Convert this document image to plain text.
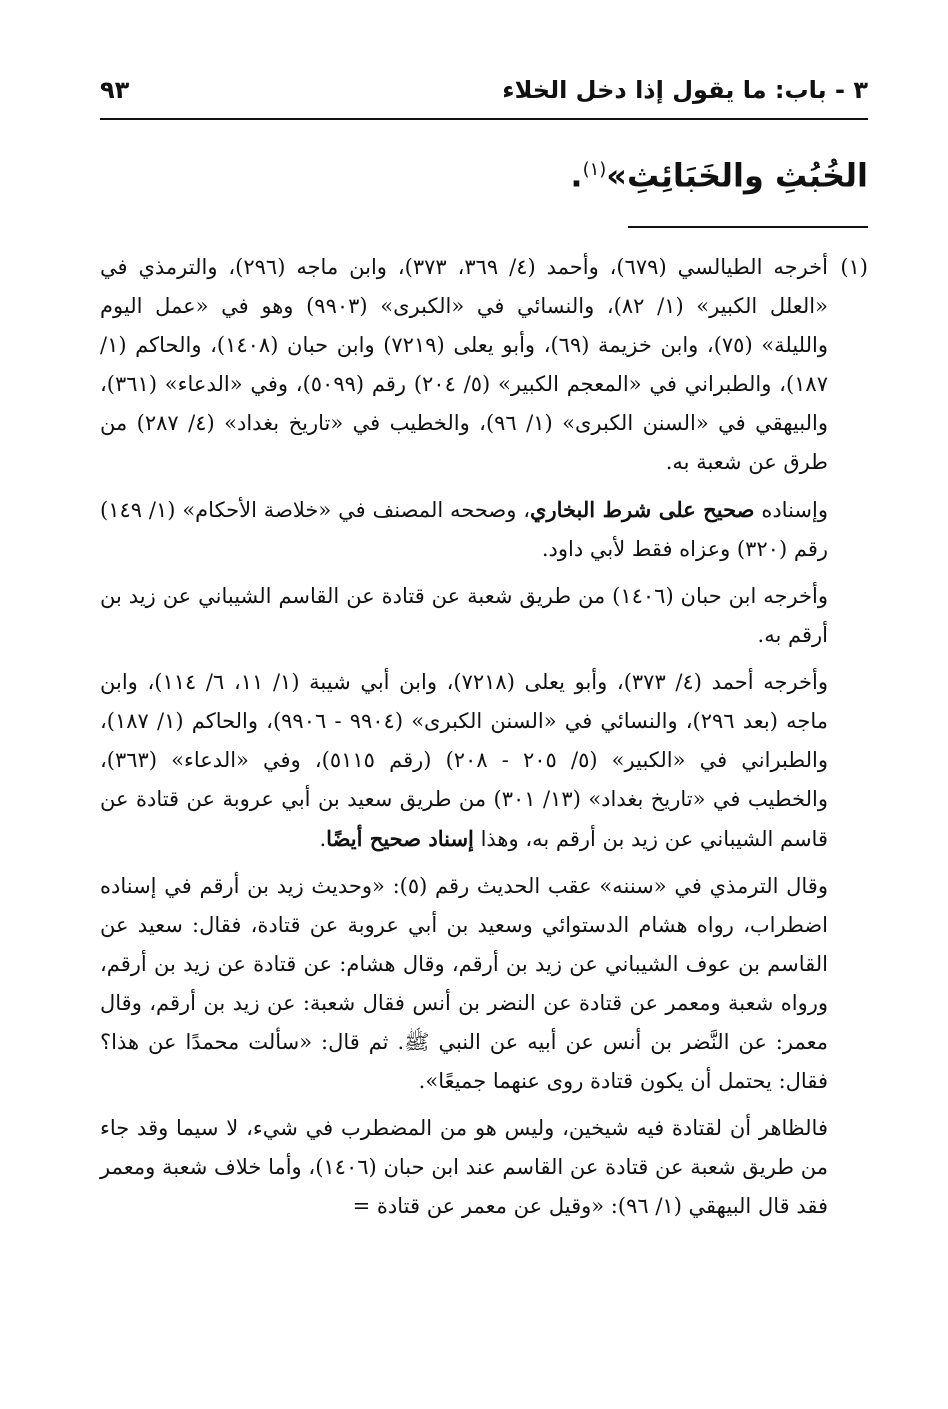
٣ - باب: ما يقول إذا دخل الخلاء
٩٣
الخُبُثِ والخَبَائِثِ»$^{(١)}$.
(١)

أخرجه الطيالسي (٦٧٩)، وأحمد (٤/ ٣٦٩، ٣٧٣)، وابن ماجه (٢٩٦)، والترمذي في «العلل الكبير» (١/ ٨٢)، والنسائي في «الكبرى» (٩٩٠٣) وهو في «عمل اليوم والليلة» (٧٥)، وابن خزيمة (٦٩)، وأبو يعلى (٧٢١٩) وابن حبان (١٤٠٨)، والحاكم (١/ ١٨٧)، والطبراني في «المعجم الكبير» (٥/ ٢٠٤) رقم (٥٠٩٩)، وفي «الدعاء» (٣٦١)، والبيهقي في «السنن الكبرى» (١/ ٩٦)، والخطيب في «تاريخ بغداد» (٤/ ٢٨٧) من طرق عن شعبة به.

وإسناده صحيح على شرط البخاري، وصححه المصنف في «خلاصة الأحكام» (١/ ١٤٩) رقم (٣٢٠) وعزاه فقط لأبي داود.

وأخرجه ابن حبان (١٤٠٦) من طريق شعبة عن قتادة عن القاسم الشيباني عن زيد بن أرقم به.

وأخرجه أحمد (٤/ ٣٧٣)، وأبو يعلى (٧٢١٨)، وابن أبي شيبة (١/ ١١، ٦/ ١١٤)، وابن ماجه (بعد ٢٩٦)، والنسائي في «السنن الكبرى» (٩٩٠٤ - ٩٩٠٦)، والحاكم (١/ ١٨٧)، والطبراني في «الكبير» (٥/ ٢٠٥ - ٢٠٨) (رقم ٥١١٥)، وفي «الدعاء» (٣٦٣)، والخطيب في «تاريخ بغداد» (١٣/ ٣٠١) من طريق سعيد بن أبي عروبة عن قتادة عن قاسم الشيباني عن زيد بن أرقم به، وهذا إسناد صحيح أيضًا.

وقال الترمذي في «سننه» عقب الحديث رقم (٥): «وحديث زيد بن أرقم في إسناده اضطراب، رواه هشام الدستوائي وسعيد بن أبي عروبة عن قتادة، فقال: سعيد عن القاسم بن عوف الشيباني عن زيد بن أرقم، وقال هشام: عن قتادة عن زيد بن أرقم، ورواه شعبة ومعمر عن قتادة عن النضر بن أنس فقال شعبة: عن زيد بن أرقم، وقال معمر: عن النَّضر بن أنس عن أبيه عن النبي ﷺ. ثم قال: «سألت محمدًا عن هذا؟ فقال: يحتمل أن يكون قتادة روى عنهما جميعًا».

فالظاهر أن لقتادة فيه شيخين، وليس هو من المضطرب في شيء، لا سيما وقد جاء من طريق شعبة عن قتادة عن القاسم عند ابن حبان (١٤٠٦)، وأما خلاف شعبة ومعمر فقد قال البيهقي (١/ ٩٦): «وقيل عن معمر عن قتادة =
